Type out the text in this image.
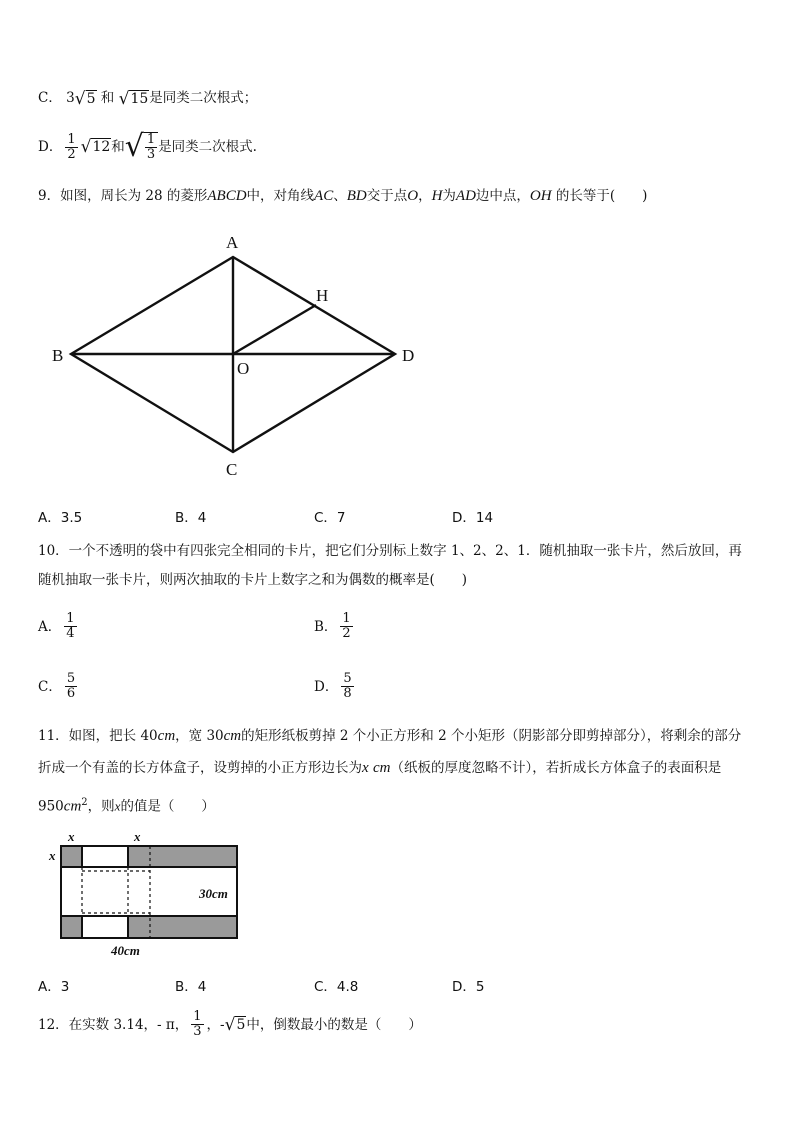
C． 3 √ 5 和 √ 15 是同类二次根式；
D． $\frac{1}{2}$ √ 12 和 √ $\frac{1}{3}$ 是同类二次根式.
9．如图，周长为 28 的菱形ABCD中，对角线AC、BD交于点O，H为AD边中点，OH 的长等于(　　)
A
B
C
D
H
O
A．3.5	B．4	C．7	D．14
10．一个不透明的袋中有四张完全相同的卡片，把它们分别标上数字 1、2、2、1．随机抽取一张卡片，然后放回，再
随机抽取一张卡片，则两次抽取的卡片上数字之和为偶数的概率是(　　)
A． $\frac{1}{4}$	B． $\frac{1}{2}$
C． $\frac{5}{6}$	D． $\frac{5}{8}$
11．如图，把长 40cm，宽 30cm的矩形纸板剪掉 2 个小正方形和 2 个小矩形（阴影部分即剪掉部分），将剩余的部分
折成一个有盖的长方体盒子，设剪掉的小正方形边长为x cm（纸板的厚度忽略不计），若折成长方体盒子的表面积是
$950cm^2$，则x的值是（　　）
x	x
x
30cm
40cm
A．3	B．4	C．4.8	D．5
12．在实数 3.14，- π， $\frac{1}{3}$ ，- √ 5 中，倒数最小的数是（　　）
